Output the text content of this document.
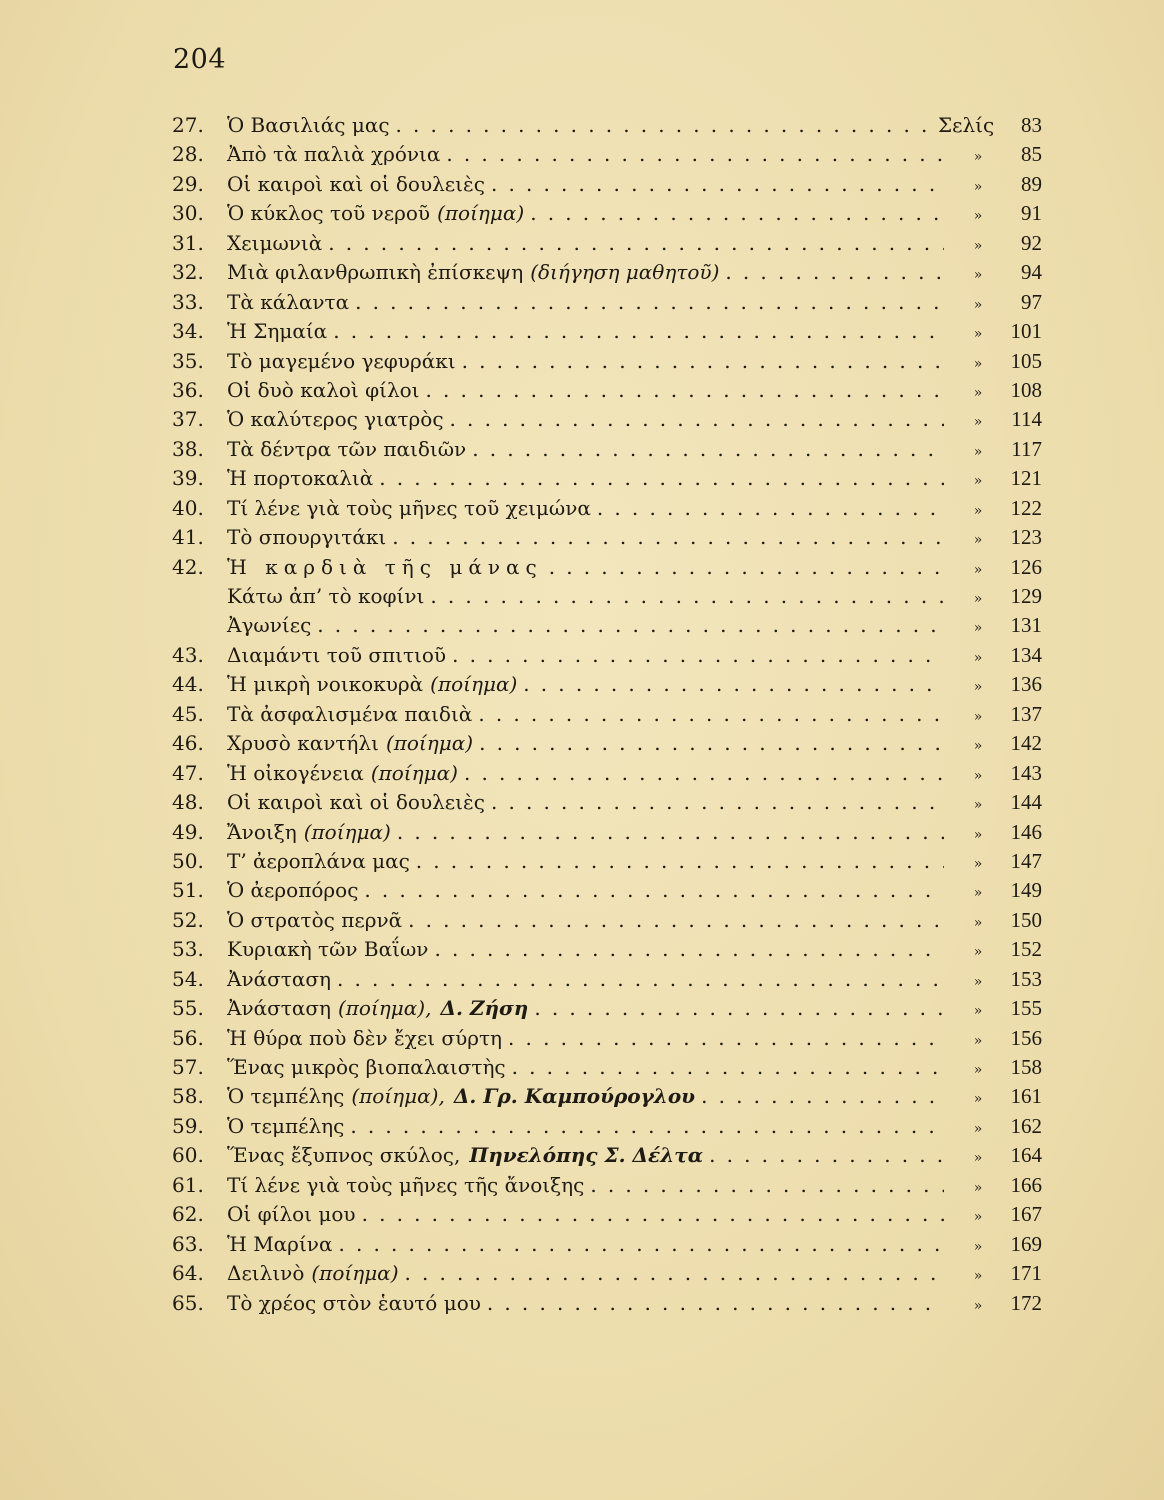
204
27.	Ὁ Βασιλιάς μας . . .	Σελίς	83
28.	Ἀπὸ τὰ παλιὰ χρόνια . . .	»	85
29.	Οἱ καιροὶ καὶ οἱ δουλειὲς . . .	»	89
30.	Ὁ κύκλος τοῦ νεροῦ (ποίημα) . . .	»	91
31.	Χειμωνιὰ . . .	»	92
32.	Μιὰ φιλανθρωπικὴ ἐπίσκεψη (διήγηση μαθητοῦ) . . .	»	94
33.	Τὰ κάλαντα . . .	»	97
34.	Ἡ Σημαία . . .	»	101
35.	Τὸ μαγεμένο γεφυράκι . . .	»	105
36.	Οἱ δυὸ καλοὶ φίλοι . . .	»	108
37.	Ὁ καλύτερος γιατρὸς . . .	»	114
38.	Τὰ δέντρα τῶν παιδιῶν . . .	»	117
39.	Ἡ πορτοκαλιὰ . . .	»	121
40.	Τί λένε γιὰ τοὺς μῆνες τοῦ χειμώνα . . .	»	122
41.	Τὸ σπουργιτάκι . . .	»	123
42.	Ἡ καρδιὰ τῆς μάνας . . .	»	126
Κάτω ἀπ’ τὸ κοφίνι . . .	»	129
Ἀγωνίες . . .	»	131
43.	Διαμάντι τοῦ σπιτιοῦ . . .	»	134
44.	Ἡ μικρὴ νοικοκυρὰ (ποίημα) . . .	»	136
45.	Τὰ ἀσφαλισμένα παιδιὰ . . .	»	137
46.	Χρυσὸ καντήλι (ποίημα) . . .	»	142
47.	Ἡ οἰκογένεια (ποίημα) . . .	»	143
48.	Οἱ καιροὶ καὶ οἱ δουλειὲς . . .	»	144
49.	Ἄνοιξη (ποίημα) . . .	»	146
50.	Τ’ ἀεροπλάνα μας . . .	»	147
51.	Ὁ ἀεροπόρος . . .	»	149
52.	Ὁ στρατὸς περνᾶ . . .	»	150
53.	Κυριακὴ τῶν Βαΐων . . .	»	152
54.	Ἀνάσταση . . .	»	153
55.	Ἀνάσταση (ποίημα), Δ. Ζήση . . .	»	155
56.	Ἡ θύρα ποὺ δὲν ἔχει σύρτη . . .	»	156
57.	Ἕνας μικρὸς βιοπαλαιστὴς . . .	»	158
58.	Ὁ τεμπέλης (ποίημα), Δ. Γρ. Καμπούρογλου . . .	»	161
59.	Ὁ τεμπέλης . . .	»	162
60.	Ἕνας ἔξυπνος σκύλος, Πηνελόπης Σ. Δέλτα . . .	»	164
61.	Τί λένε γιὰ τοὺς μῆνες τῆς ἄνοιξης . . .	»	166
62.	Οἱ φίλοι μου . . .	»	167
63.	Ἡ Μαρίνα . . .	»	169
64.	Δειλινὸ (ποίημα) . . .	»	171
65.	Τὸ χρέος στὸν ἑαυτό μου . . .	»	172
